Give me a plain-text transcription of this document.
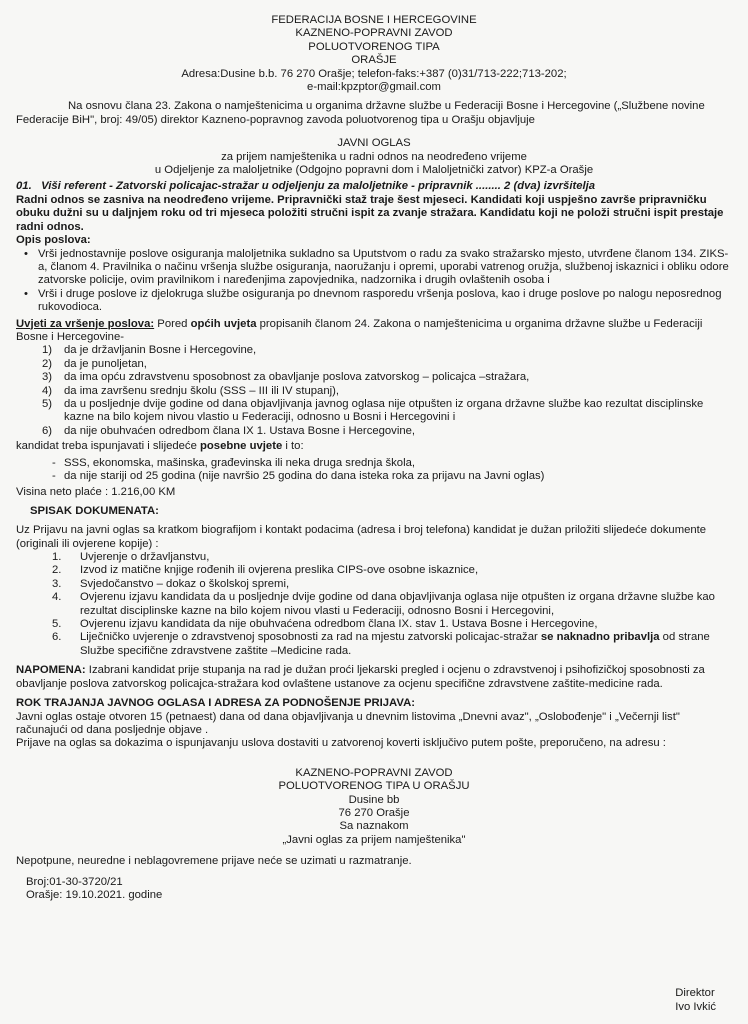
FEDERACIJA BOSNE I HERCEGOVINE
KAZNENO-POPRAVNI ZAVOD
POLUOTVORENOG TIPA
ORAŠJE
Adresa:Dusine b.b. 76 270 Orašje; telefon-faks:+387 (0)31/713-222;713-202;
e-mail:kpzptor@gmail.com

Na osnovu člana 23. Zakona o namještenicima u organima državne službe u Federaciji Bosne i Hercegovine („Službene novine Federacije BiH", broj: 49/05) direktor Kazneno-popravnog zavoda poluotvorenog tipa u Orašju objavljuje

JAVNI OGLAS
za prijem namještenika u radni odnos na neodređeno vrijeme
u Odjeljenje za maloljetnike (Odgojno popravni dom i Maloljetnički zatvor) KPZ-a Orašje
01. Viši referent - Zatvorski policajac-stražar u odjeljenju za maloljetnike - pripravnik ........ 2 (dva) izvršitelja

Radni odnos se zasniva na neodređeno vrijeme. Pripravnički staž traje šest mjeseci. Kandidati koji uspješno završe pripravničku obuku dužni su u daljnjem roku od tri mjeseca položiti stručni ispit za zvanje stražara. Kandidatu koji ne položi stručni ispit prestaje radni odnos.

Opis poslova:
• Vrši jednostavnije poslove osiguranja maloljetnika sukladno sa Uputstvom o radu za svako stražarsko mjesto, utvrđene članom 134. ZIKS-a, članom 4. Pravilnika o načinu vršenja službe osiguranja, naoružanju i opremi, uporabi vatrenog oružja, službenoj iskaznici i obliku odore zatvorske policije, ovim pravilnikom i naređenjima zapovjednika, nadzornika i drugih ovlaštenih osoba i
• Vrši i druge poslove iz djelokruga službe osiguranja po dnevnom rasporedu vršenja poslova, kao i druge poslove po nalogu neposrednog rukovodioca.

Uvjeti za vršenje poslova: Pored općih uvjeta propisanih članom 24. Zakona o namještenicima u organima državne službe u Federaciji Bosne i Hercegovine-

1)	da je državljanin Bosne i Hercegovine,
2)	da je punoljetan,
3)	da ima opću zdravstvenu sposobnost za obavljanje poslova zatvorskog – policajca –stražara,
4)	da ima završenu srednju školu (SSS – III ili IV stupanj),
5)	da u posljednje dvije godine od dana objavljivanja javnog oglasa nije otpušten iz organa državne službe kao rezultat disciplinske kazne na bilo kojem nivou vlastio u Federaciji, odnosno u Bosni i Hercegovini i
6)	da nije obuhvaćen odredbom člana IX 1. Ustava Bosne i Hercegovine,

kandidat treba ispunjavati i slijedeće posebne uvjete i to:

- SSS, ekonomska, mašinska, građevinska ili neka druga srednja škola,
- da nije stariji od 25 godina (nije navršio 25 godina do dana isteka roka za prijavu na Javni oglas)

Visina neto plaće : 1.216,00 KM

SPISAK DOKUMENATA:

Uz Prijavu na javni oglas sa kratkom biografijom i kontakt podacima (adresa i broj telefona) kandidat je dužan priložiti slijedeće dokumente (originali ili ovjerene kopije) :

1.	Uvjerenje o državljanstvu,
2.	Izvod iz matične knjige rođenih ili ovjerena preslika CIPS-ove osobne iskaznice,
3.	Svjedočanstvo – dokaz o školskoj spremi,
4.	Ovjerenu izjavu kandidata da u posljednje dvije godine od dana objavljivanja oglasa nije otpušten iz organa državne službe kao rezultat disciplinske kazne na bilo kojem nivou vlasti u Federaciji, odnosno Bosni i Hercegovini,
5.	Ovjerenu izjavu kandidata da nije obuhvaćena odredbom člana IX. stav 1. Ustava Bosne i Hercegovine,
6.	Liječničko uvjerenje o zdravstvenoj sposobnosti za rad na mjestu zatvorski policajac-stražar se naknadno pribavlja od strane Službe specifične zdravstvene zaštite –Medicine rada.

NAPOMENA: Izabrani kandidat prije stupanja na rad je dužan proći ljekarski pregled i ocjenu o zdravstvenoj i psihofizičkoj sposobnosti za obavljanje poslova zatvorskog policajca-stražara kod ovlaštene ustanove za ocjenu specifične zdravstvene zaštite-medicine rada.

ROK TRAJANJA JAVNOG OGLASA I ADRESA ZA PODNOŠENJE PRIJAVA:

Javni oglas ostaje otvoren 15 (petnaest) dana od dana objavljivanja u dnevnim listovima „Dnevni avaz", „Oslobođenje" i „Večernji list" računajući od dana posljednje objave .

Prijave na oglas sa dokazima o ispunjavanju uslova dostaviti u zatvorenoj koverti isključivo putem pošte, preporučeno, na adresu :

KAZNENO-POPRAVNI ZAVOD
POLUOTVORENOG TIPA U ORAŠJU
Dusine bb
76 270 Orašje
Sa naznakom
„Javni oglas za prijem namještenika"

Nepotpune, neuredne i neblagovremene prijave neće se uzimati u razmatranje.

Broj:01-30-3720/21
Orašje: 19.10.2021. godine
Direktor
Ivo Ivkić
